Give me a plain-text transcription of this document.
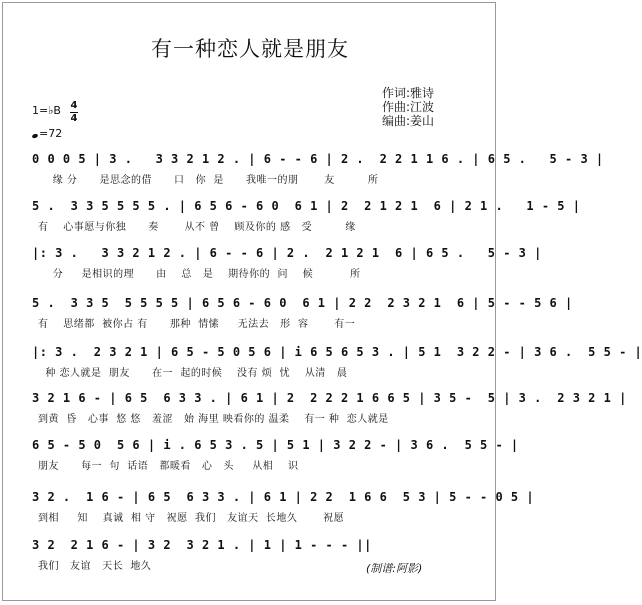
有一种恋人就是朋友
作词:雅诗
作曲:江波
编曲:姜山
1=♭B 4
4
=72
0 0 0 5 | 3 .   3 3 2 1 2 . | 6 - - 6 | 2 .  2 2 1 1 6 . | 6 5 .   5 - 3 |
缘 分      是思念的借      口   你  是      我唯一的朋       友         所
5 .  3 3 5 5 5 5 . | 6 5 6 - 6 0  6 1 | 2  2 1 2 1  6 | 2 1 .   1 - 5 |
有    心事愿与你独      奏       从不 曾    顾及你的 感   受         缘
|: 3 .   3 3 2 1 2 . | 6 - - 6 | 2 .  2 1 2 1  6 | 6 5 .   5 - 3 |
分     是相识的理      由    总   是    期待你的  问    候          所
5 .  3 3 5  5 5 5 5 | 6 5 6 - 6 0  6 1 | 2 2  2 3 2 1  6 | 5 - - 5 6 |
有    思绪都  被你占 有      那种  情愫     无法去   形  容       有一
|: 3 .  2 3 2 1 | 6 5 - 5 0 5 6 | i 6 5 6 5 3 . | 5 1  3 2 2 - | 3 6 .  5 5 - |
种 恋人就是  朋友      在一  起的时候    没有 烦  忧    从清   晨
3 2 1 6 - | 6 5  6 3 3 . | 6 1 | 2  2 2 2 1 6 6 5 | 3 5 -  5 | 3 .  2 3 2 1 |
到黄  昏   心事  悠 悠   羞涩   始 海里 映看你的 温柔    有一 种  恋人就是
6 5 - 5 0  5 6 | i . 6 5 3 . 5 | 5 1 | 3 2 2 - | 3 6 .  5 5 - |
朋友      每一  句  话语   都暖看   心   头     从相    识
3 2 .  1 6 - | 6 5  6 3 3 . | 6 1 | 2 2  1 6 6  5 3 | 5 - - 0 5 |
到相     知    真诚  相 守   祝愿  我们   友谊天  长地久       祝愿
3 2  2 1 6 - | 3 2  3 2 1 . | 1 | 1 - - - ||
我们   友谊   天长  地久	(制谱:阿影)
